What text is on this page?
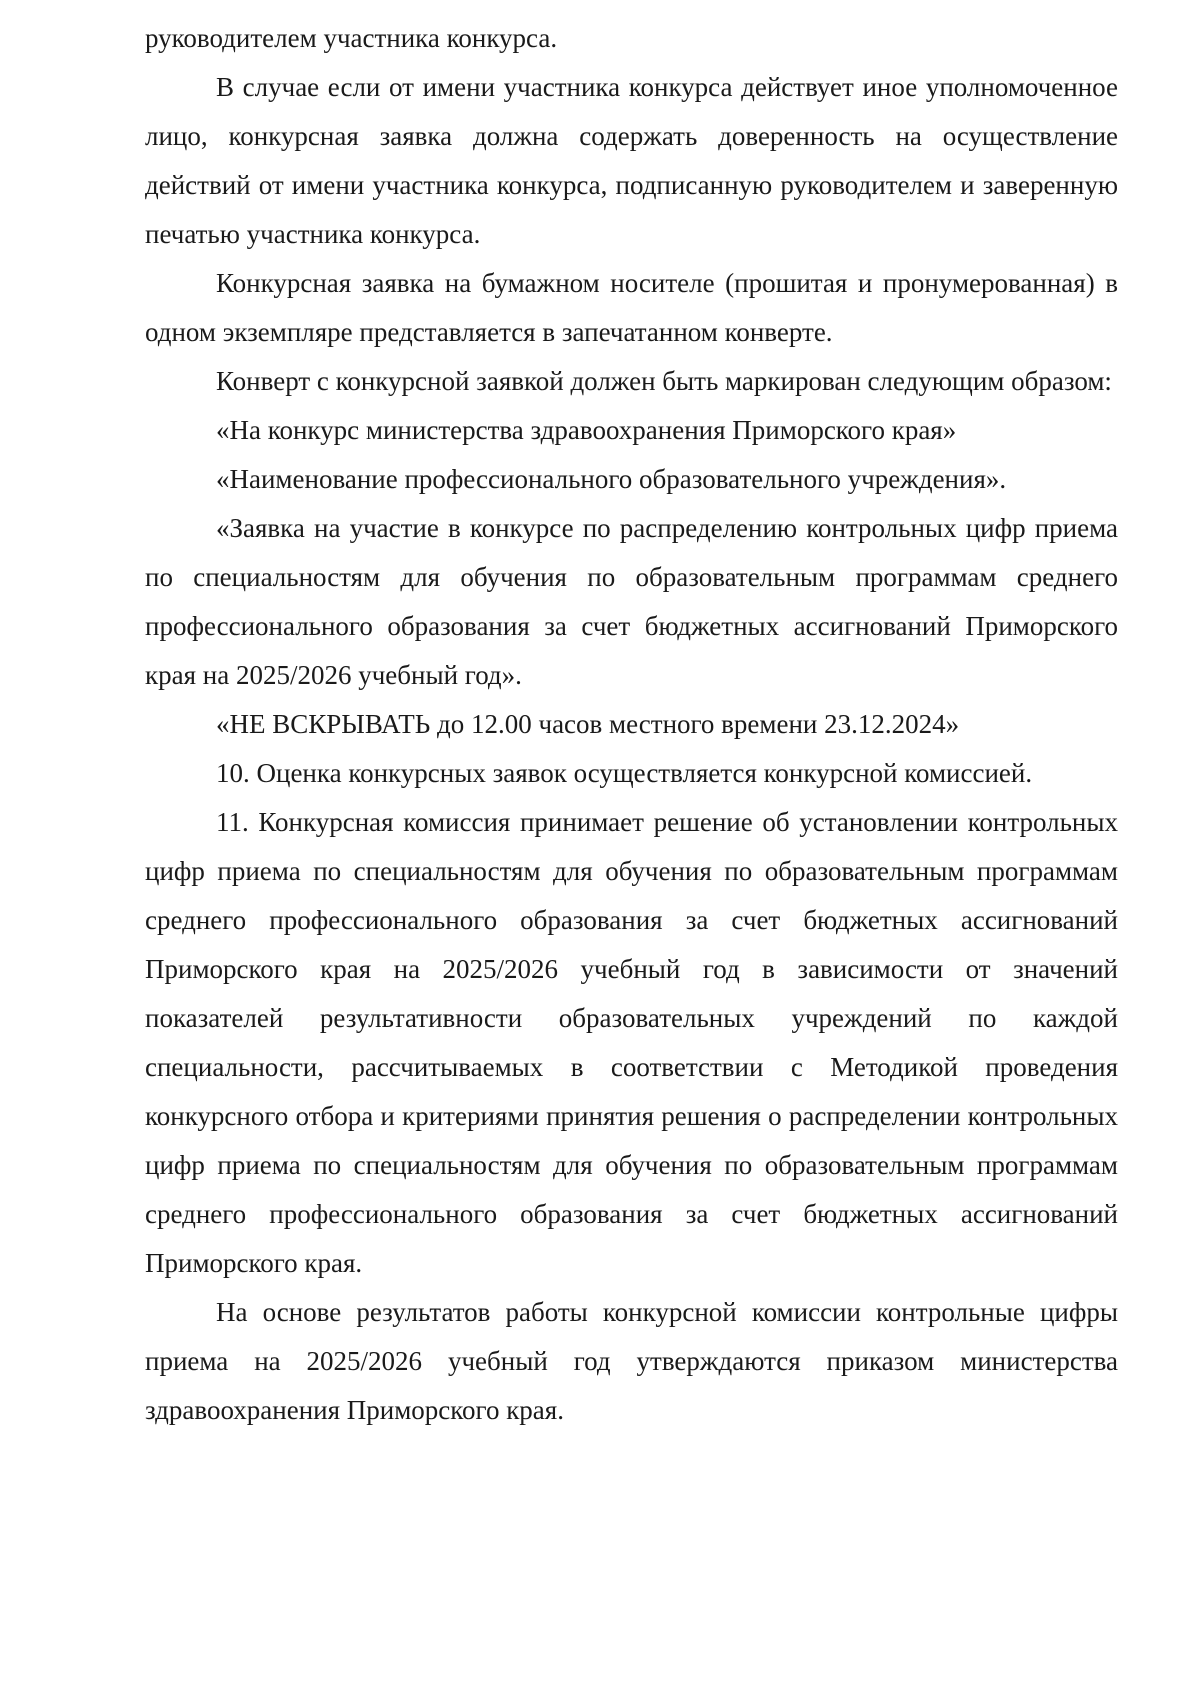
руководителем участника конкурса.

В случае если от имени участника конкурса действует иное уполномоченное лицо, конкурсная заявка должна содержать доверенность на осуществление действий от имени участника конкурса, подписанную руководителем и заверенную печатью участника конкурса.

Конкурсная заявка на бумажном носителе (прошитая и пронумерованная) в одном экземпляре представляется в запечатанном конверте.

Конверт с конкурсной заявкой должен быть маркирован следующим образом:

«На конкурс министерства здравоохранения Приморского края»

«Наименование профессионального образовательного учреждения».

«Заявка на участие в конкурсе по распределению контрольных цифр приема по специальностям для обучения по образовательным программам среднего профессионального образования за счет бюджетных ассигнований Приморского края на 2025/2026 учебный год».

«НЕ ВСКРЫВАТЬ до 12.00 часов местного времени 23.12.2024»

10. Оценка конкурсных заявок осуществляется конкурсной комиссией.

11. Конкурсная комиссия принимает решение об установлении контрольных цифр приема по специальностям для обучения по образовательным программам среднего профессионального образования за счет бюджетных ассигнований Приморского края на 2025/2026 учебный год в зависимости от значений показателей результативности образовательных учреждений по каждой специальности, рассчитываемых в соответствии с Методикой проведения конкурсного отбора и критериями принятия решения о распределении контрольных цифр приема по специальностям для обучения по образовательным программам среднего профессионального образования за счет бюджетных ассигнований Приморского края.

На основе результатов работы конкурсной комиссии контрольные цифры приема на 2025/2026 учебный год утверждаются приказом министерства здравоохранения Приморского края.
